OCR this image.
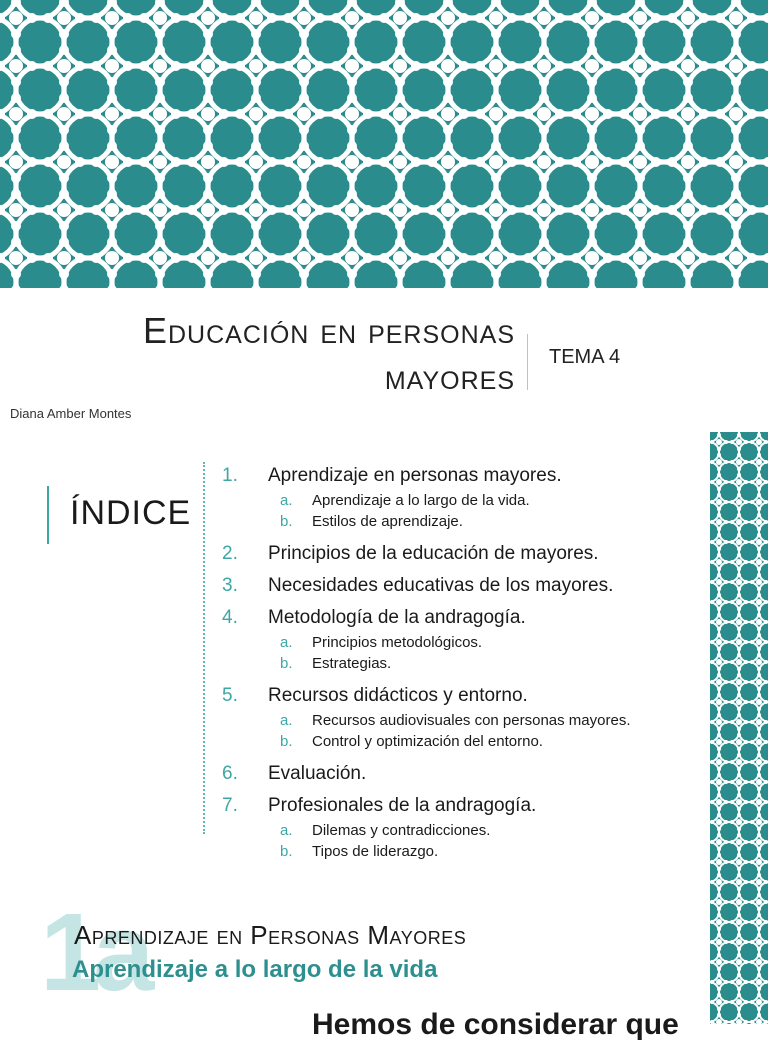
Educación en personas
mayores TEMA 4
Diana Amber Montes
ÍNDICE
1. Aprendizaje en personas mayores.
a. Aprendizaje a lo largo de la vida.
b. Estilos de aprendizaje.
2. Principios de la educación de mayores.
3. Necesidades educativas de los mayores.
4. Metodología de la andragogía.
a. Principios metodológicos.
b. Estrategias.
5. Recursos didácticos y entorno.
a. Recursos audiovisuales con personas mayores.
b. Control y optimización del entorno.
6. Evaluación.
7. Profesionales de la andragogía.
a. Dilemas y contradicciones.
b. Tipos de liderazgo.
1a
Aprendizaje en Personas Mayores
Aprendizaje a lo largo de la vida
Hemos de considerar que
